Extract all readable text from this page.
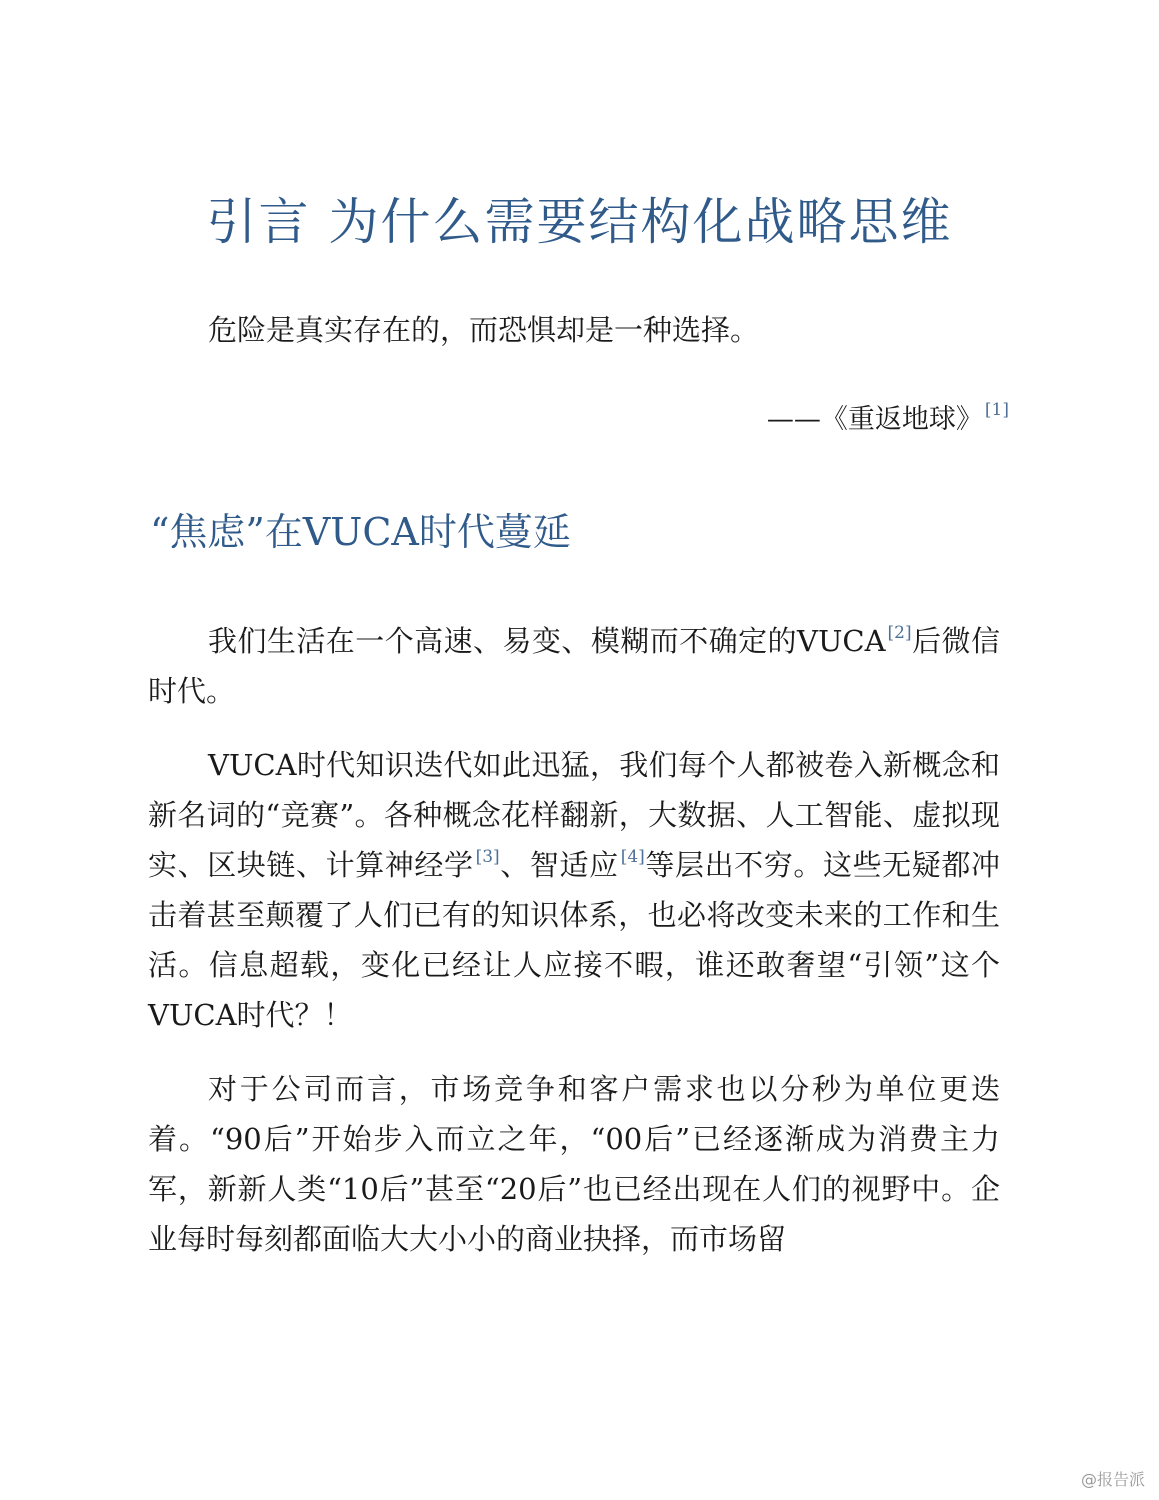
引言 为什么需要结构化战略思维

危险是真实存在的，而恐惧却是一种选择。

——《重返地球》 [1]

“焦虑”在VUCA时代蔓延

我们生活在一个高速、易变、模糊而不确定的VUCA [2]后微信时代。

VUCA时代知识迭代如此迅猛，我们每个人都被卷入新概念和新名词的“竞赛”。各种概念花样翻新，大数据、人工智能、虚拟现实、区块链、计算神经学 [3]、智适应 [4]等层出不穷。这些无疑都冲击着甚至颠覆了人们已有的知识体系，也必将改变未来的工作和生活。信息超载，变化已经让人应接不暇，谁还敢奢望“引领”这个VUCA时代？！

对于公司而言，市场竞争和客户需求也以分秒为单位更迭着。“90后”开始步入而立之年，“00后”已经逐渐成为消费主力军，新新人类“10后”甚至“20后”也已经出现在人们的视野中。企业每时每刻都面临大大小小的商业抉择，而市场留

@报告派
